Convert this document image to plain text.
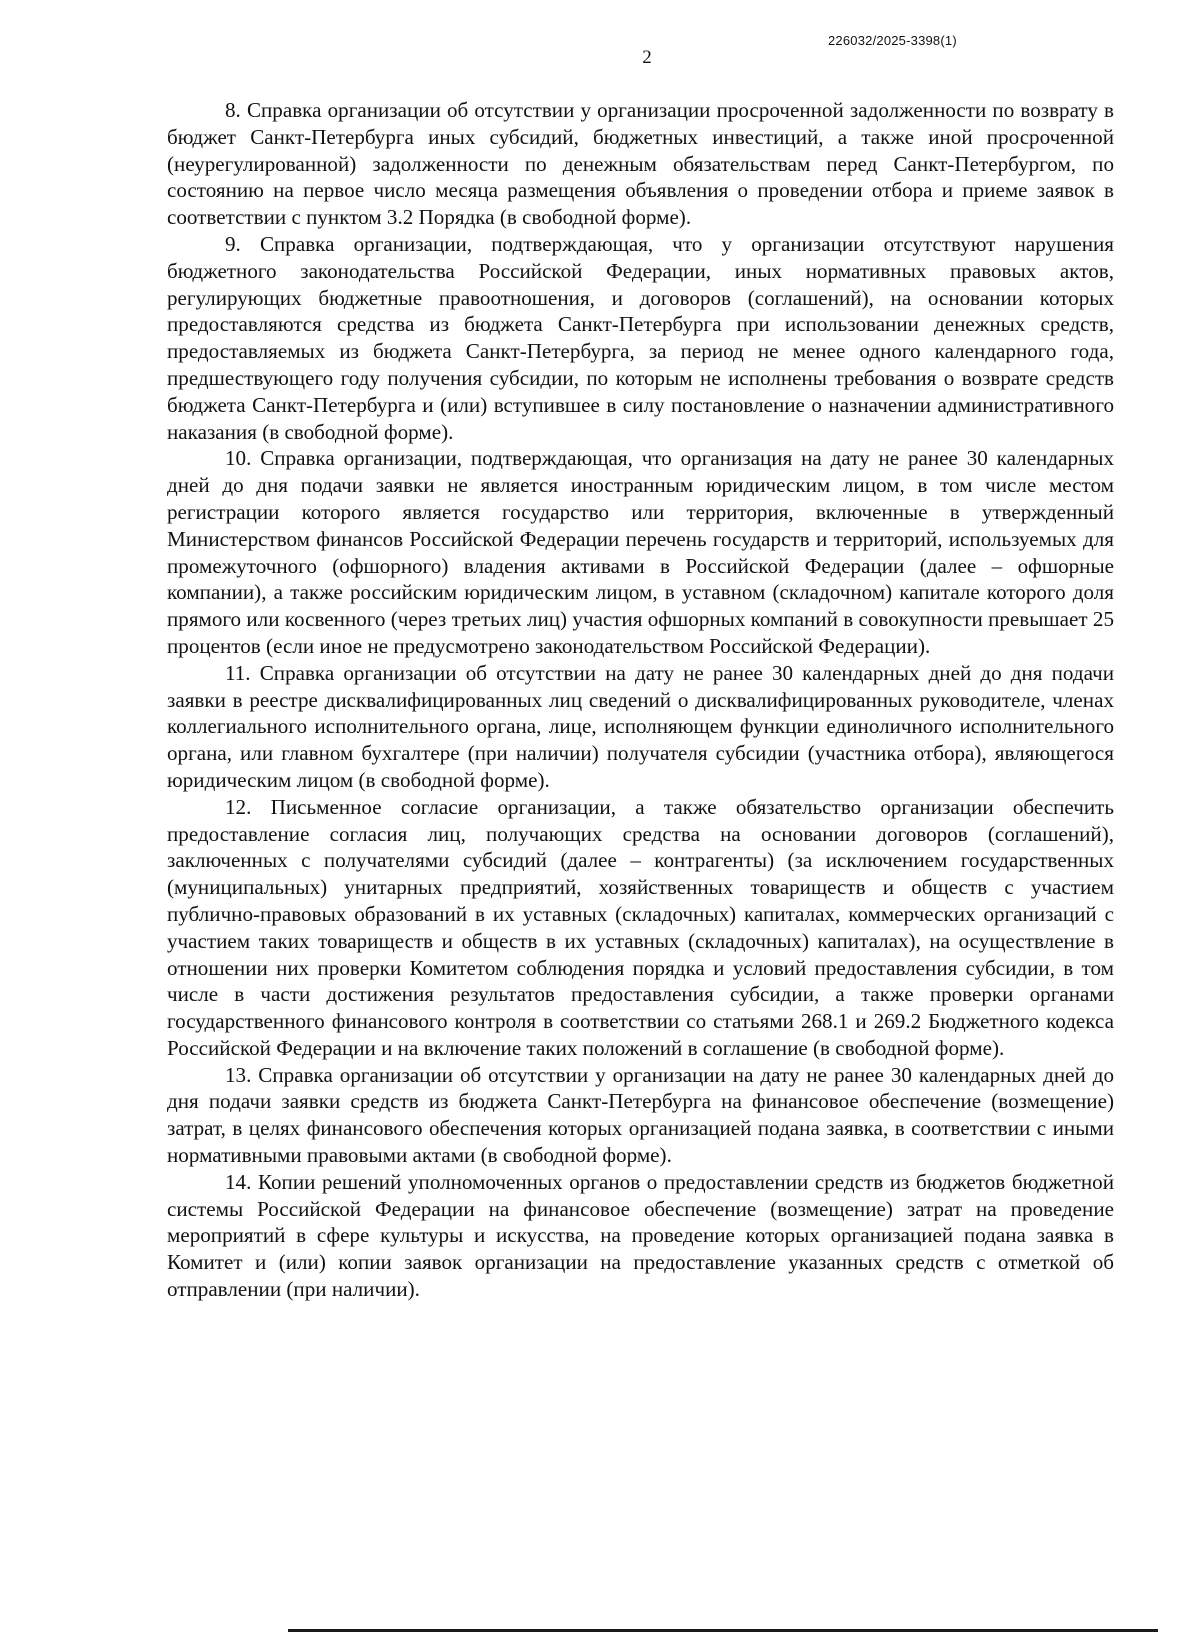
226032/2025-3398(1)
2

8. Справка организации об отсутствии у организации просроченной задолженности по возврату в бюджет Санкт-Петербурга иных субсидий, бюджетных инвестиций, а также иной просроченной (неурегулированной) задолженности по денежным обязательствам перед Санкт-Петербургом, по состоянию на первое число месяца размещения объявления о проведении отбора и приеме заявок в соответствии с пунктом 3.2 Порядка (в свободной форме).

9. Справка организации, подтверждающая, что у организации отсутствуют нарушения бюджетного законодательства Российской Федерации, иных нормативных правовых актов, регулирующих бюджетные правоотношения, и договоров (соглашений), на основании которых предоставляются средства из бюджета Санкт-Петербурга при использовании денежных средств, предоставляемых из бюджета Санкт-Петербурга, за период не менее одного календарного года, предшествующего году получения субсидии, по которым не исполнены требования о возврате средств бюджета Санкт-Петербурга и (или) вступившее в силу постановление о назначении административного наказания (в свободной форме).

10. Справка организации, подтверждающая, что организация на дату не ранее 30 календарных дней до дня подачи заявки не является иностранным юридическим лицом, в том числе местом регистрации которого является государство или территория, включенные в утвержденный Министерством финансов Российской Федерации перечень государств и территорий, используемых для промежуточного (офшорного) владения активами в Российской Федерации (далее – офшорные компании), а также российским юридическим лицом, в уставном (складочном) капитале которого доля прямого или косвенного (через третьих лиц) участия офшорных компаний в совокупности превышает 25 процентов (если иное не предусмотрено законодательством Российской Федерации).

11. Справка организации об отсутствии на дату не ранее 30 календарных дней до дня подачи заявки в реестре дисквалифицированных лиц сведений о дисквалифицированных руководителе, членах коллегиального исполнительного органа, лице, исполняющем функции единоличного исполнительного органа, или главном бухгалтере (при наличии) получателя субсидии (участника отбора), являющегося юридическим лицом (в свободной форме).

12. Письменное согласие организации, а также обязательство организации обеспечить предоставление согласия лиц, получающих средства на основании договоров (соглашений), заключенных с получателями субсидий (далее – контрагенты) (за исключением государственных (муниципальных) унитарных предприятий, хозяйственных товариществ и обществ с участием публично-правовых образований в их уставных (складочных) капиталах, коммерческих организаций с участием таких товариществ и обществ в их уставных (складочных) капиталах), на осуществление в отношении них проверки Комитетом соблюдения порядка и условий предоставления субсидии, в том числе в части достижения результатов предоставления субсидии, а также проверки органами государственного финансового контроля в соответствии со статьями 268.1 и 269.2 Бюджетного кодекса Российской Федерации и на включение таких положений в соглашение (в свободной форме).

13. Справка организации об отсутствии у организации на дату не ранее 30 календарных дней до дня подачи заявки средств из бюджета Санкт-Петербурга на финансовое обеспечение (возмещение) затрат, в целях финансового обеспечения которых организацией подана заявка, в соответствии с иными нормативными правовыми актами (в свободной форме).

14. Копии решений уполномоченных органов о предоставлении средств из бюджетов бюджетной системы Российской Федерации на финансовое обеспечение (возмещение) затрат на проведение мероприятий в сфере культуры и искусства, на проведение которых организацией подана заявка в Комитет и (или) копии заявок организации на предоставление указанных средств с отметкой об отправлении (при наличии).
